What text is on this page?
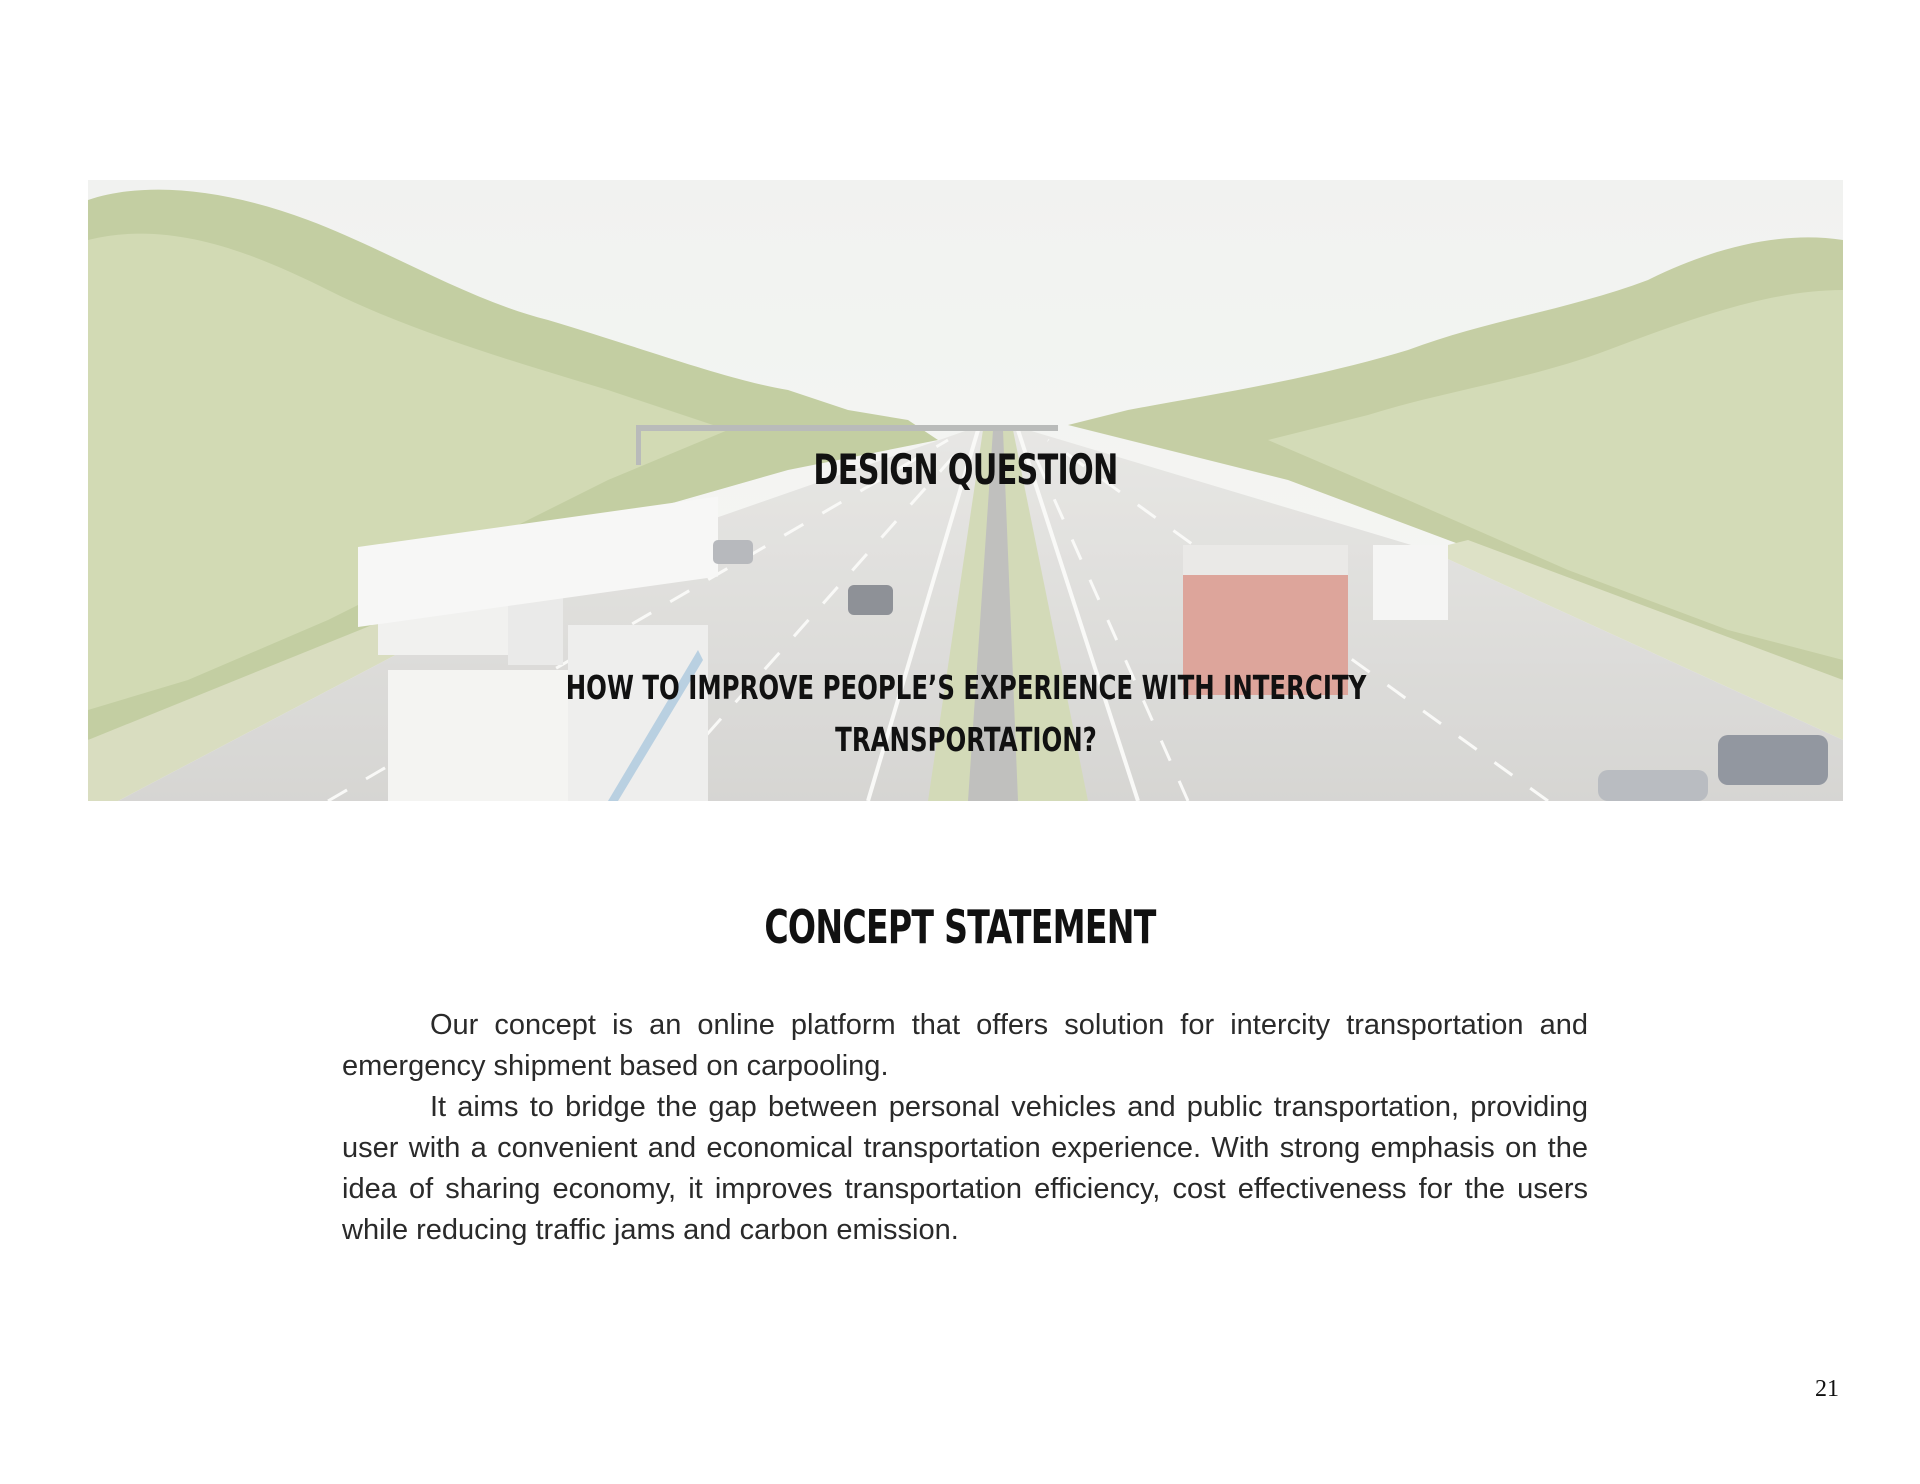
DESIGN QUESTION

HOW TO IMPROVE PEOPLE’S EXPERIENCE WITH INTERCITY TRANSPORTATION?

CONCEPT STATEMENT

Our concept is an online platform that offers solution for intercity transportation and emergency shipment based on carpooling.

It aims to bridge the gap between personal vehicles and public transportation, providing user with a convenient and economical transportation experience. With strong emphasis on the idea of sharing economy, it improves transportation efficiency, cost effectiveness for the users while reducing traffic jams and carbon emission.

21
